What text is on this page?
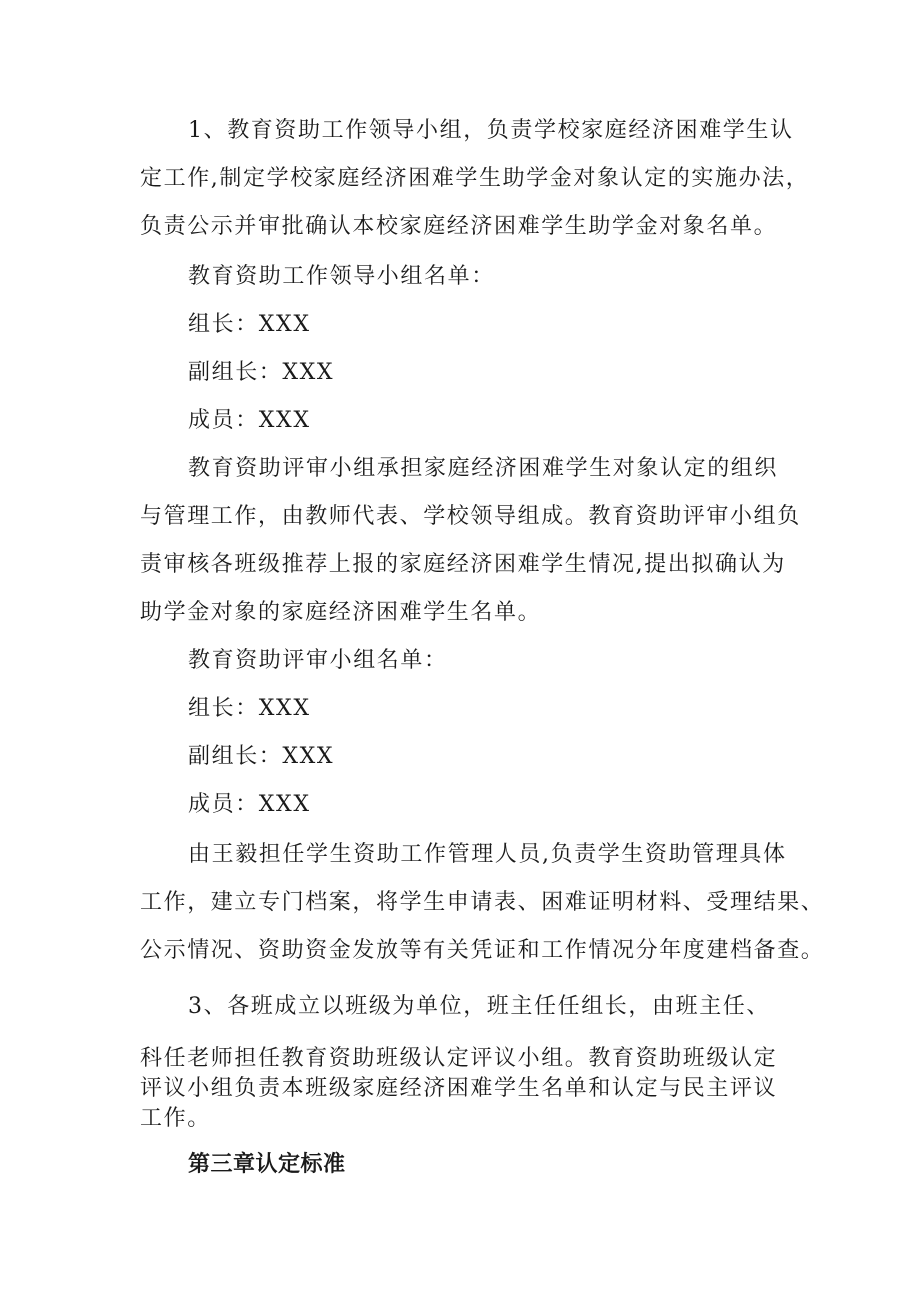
1、教育资助工作领导小组，负责学校家庭经济困难学生认
定工作,制定学校家庭经济困难学生助学金对象认定的实施办法，
负责公示并审批确认本校家庭经济困难学生助学金对象名单。
教育资助工作领导小组名单：
组长：XXX
副组长：XXX
成员：XXX
教育资助评审小组承担家庭经济困难学生对象认定的组织
与管理工作，由教师代表、学校领导组成。教育资助评审小组负
责审核各班级推荐上报的家庭经济困难学生情况,提出拟确认为
助学金对象的家庭经济困难学生名单。
教育资助评审小组名单：
组长：XXX
副组长：XXX
成员：XXX
由王毅担任学生资助工作管理人员,负责学生资助管理具体
工作，建立专门档案，将学生申请表、困难证明材料、受理结果、
公示情况、资助资金发放等有关凭证和工作情况分年度建档备查。
3、各班成立以班级为单位，班主任任组长，由班主任、
科任老师担任教育资助班级认定评议小组。教育资助班级认定
评议小组负责本班级家庭经济困难学生名单和认定与民主评议
工作。
第三章认定标准
